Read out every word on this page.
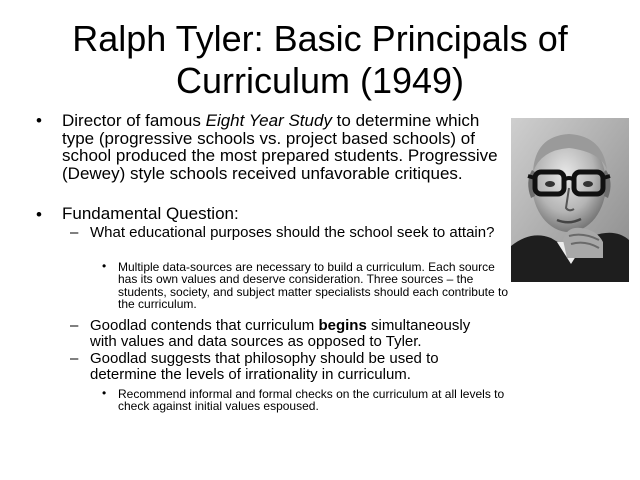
Ralph Tyler: Basic Principals of Curriculum (1949)
• Director of famous Eight Year Study to determine which type (progressive schools vs. project based schools) of school produced the most prepared students. Progressive (Dewey) style schools received unfavorable critiques.
• Fundamental Question:
– What educational purposes should the school seek to attain?
• Multiple data-sources are necessary to build a curriculum. Each source has its own values and deserve consideration. Three sources – the students, society, and subject matter specialists should each contribute to the curriculum.
– Goodlad contends that curriculum begins simultaneously with values and data sources as opposed to Tyler.
– Goodlad suggests that philosophy should be used to determine the levels of irrationality in curriculum.
• Recommend informal and formal checks on the curriculum at all levels to check against initial values espoused.
